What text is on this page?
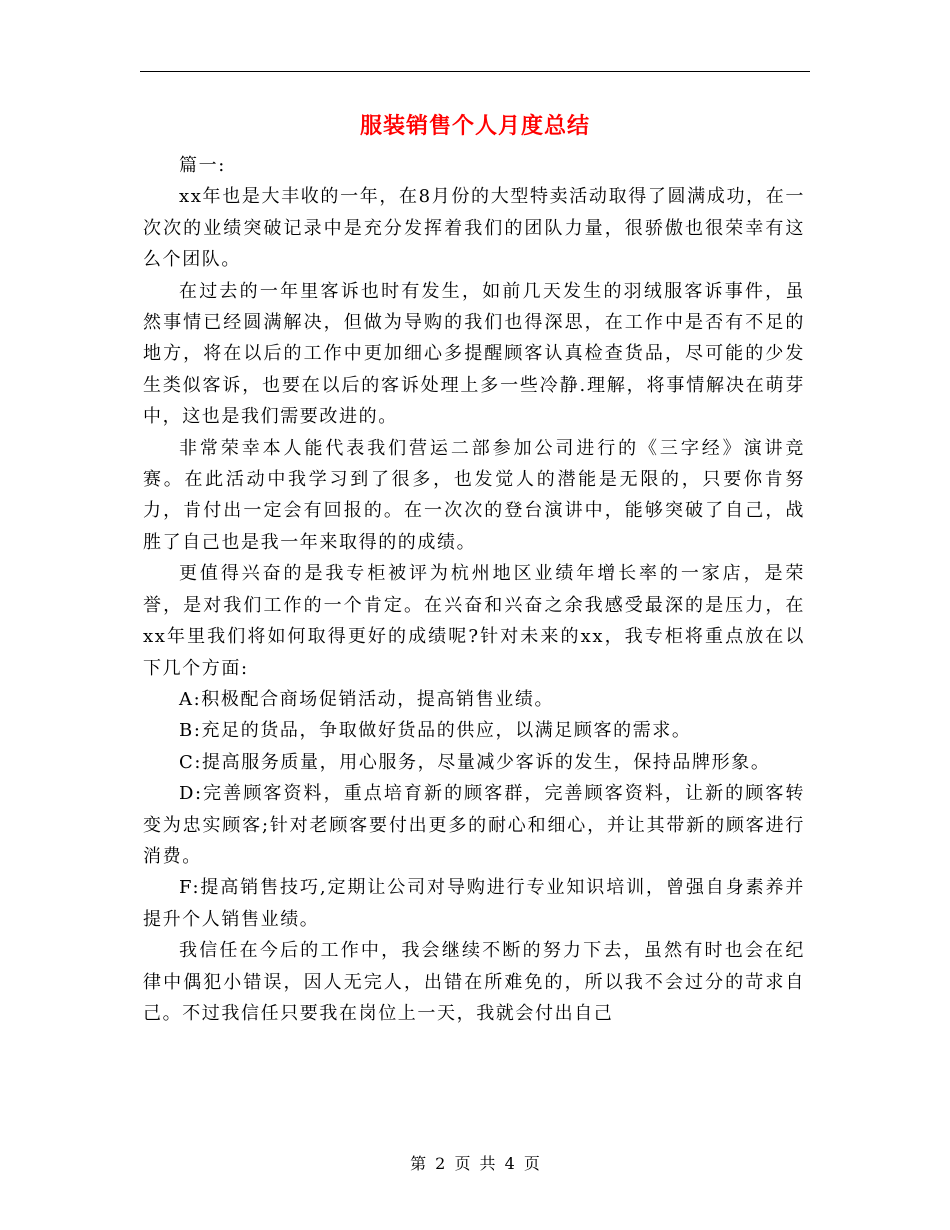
服装销售个人月度总结

篇一:

xx年也是大丰收的一年，在8月份的大型特卖活动取得了圆满成功，在一次次的业绩突破记录中是充分发挥着我们的团队力量，很骄傲也很荣幸有这么个团队。

在过去的一年里客诉也时有发生，如前几天发生的羽绒服客诉事件，虽然事情已经圆满解决，但做为导购的我们也得深思，在工作中是否有不足的地方，将在以后的工作中更加细心多提醒顾客认真检查货品，尽可能的少发生类似客诉，也要在以后的客诉处理上多一些冷静.理解，将事情解决在萌芽中，这也是我们需要改进的。

非常荣幸本人能代表我们营运二部参加公司进行的《三字经》演讲竞赛。在此活动中我学习到了很多，也发觉人的潜能是无限的，只要你肯努力，肯付出一定会有回报的。在一次次的登台演讲中，能够突破了自己，战胜了自己也是我一年来取得的的成绩。

更值得兴奋的是我专柜被评为杭州地区业绩年增长率的一家店，是荣誉，是对我们工作的一个肯定。在兴奋和兴奋之余我感受最深的是压力，在xx年里我们将如何取得更好的成绩呢?针对未来的xx，我专柜将重点放在以下几个方面:

A:积极配合商场促销活动，提高销售业绩。

B:充足的货品，争取做好货品的供应，以满足顾客的需求。

C:提高服务质量，用心服务，尽量减少客诉的发生，保持品牌形象。

D:完善顾客资料，重点培育新的顾客群，完善顾客资料，让新的顾客转变为忠实顾客;针对老顾客要付出更多的耐心和细心，并让其带新的顾客进行消费。

F:提高销售技巧,定期让公司对导购进行专业知识培训，曾强自身素养并提升个人销售业绩。

我信任在今后的工作中，我会继续不断的努力下去，虽然有时也会在纪律中偶犯小错误，因人无完人，出错在所难免的，所以我不会过分的苛求自己。不过我信任只要我在岗位上一天，我就会付出自己

第 2 页 共 4 页
